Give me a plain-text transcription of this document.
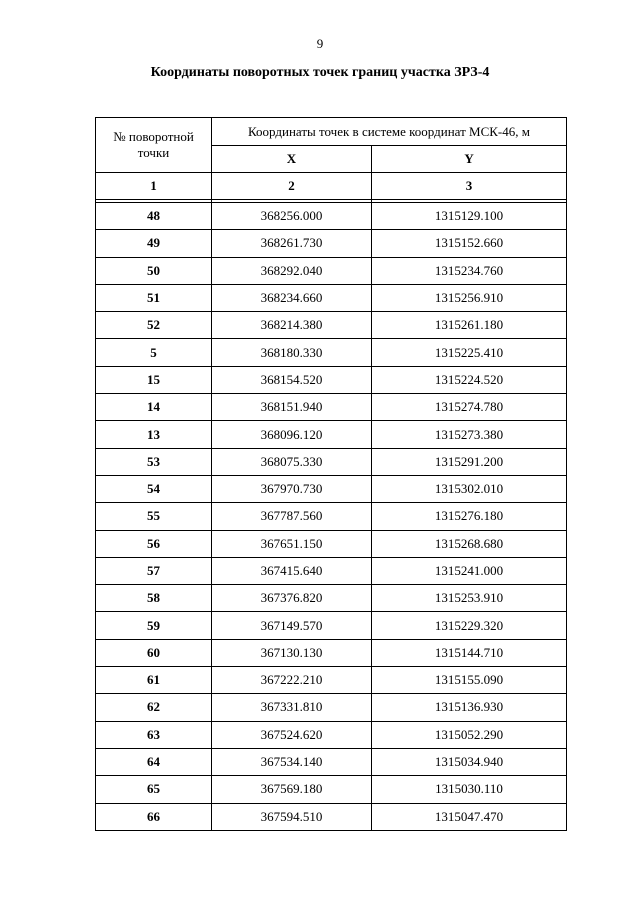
9
Координаты поворотных точек границ участка ЗРЗ-4
№ поворотной точки	Координаты точек в системе координат МСК-46, м	
	X	Y
1	2	3

48	368256.000	1315129.100
49	368261.730	1315152.660
50	368292.040	1315234.760
51	368234.660	1315256.910
52	368214.380	1315261.180
5	368180.330	1315225.410
15	368154.520	1315224.520
14	368151.940	1315274.780
13	368096.120	1315273.380
53	368075.330	1315291.200
54	367970.730	1315302.010
55	367787.560	1315276.180
56	367651.150	1315268.680
57	367415.640	1315241.000
58	367376.820	1315253.910
59	367149.570	1315229.320
60	367130.130	1315144.710
61	367222.210	1315155.090
62	367331.810	1315136.930
63	367524.620	1315052.290
64	367534.140	1315034.940
65	367569.180	1315030.110
66	367594.510	1315047.470
